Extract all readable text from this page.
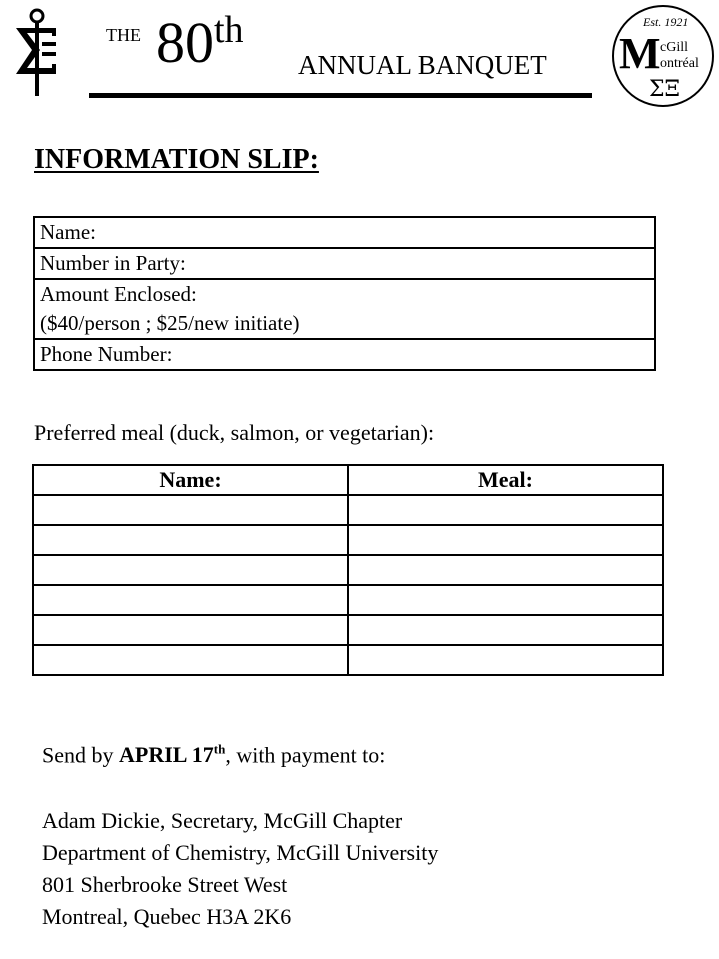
THE 80th
ANNUAL BANQUET
Est. 1921
M cGill
ontréal
ΣΞ
INFORMATION SLIP:
Name:
Number in Party:

Amount Enclosed:
($40/person ; $25/new initiate)

Phone Number:
Preferred meal (duck, salmon, or vegetarian):
Name:	Meal:

Send by APRIL 17th, with payment to:
Adam Dickie, Secretary, McGill Chapter
Department of Chemistry, McGill University
801 Sherbrooke Street West
Montreal, Quebec H3A 2K6
